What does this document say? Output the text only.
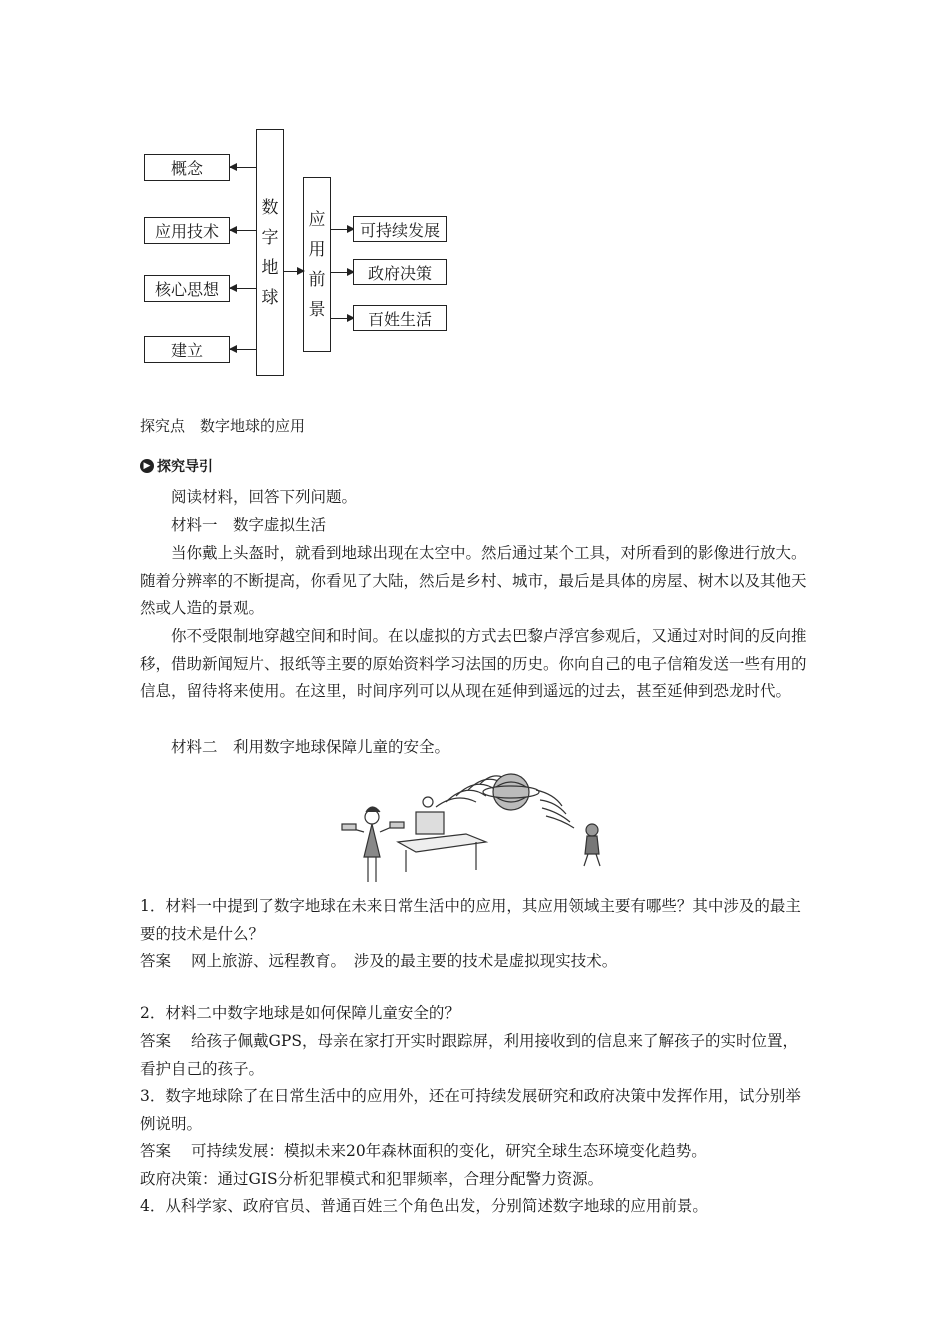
概念
应用技术
核心思想
建立
数字地球
应用前景
可持续发展
政府决策
百姓生活
探究点　数字地球的应用
▶ 探究导引
阅读材料，回答下列问题。
材料一　数字虚拟生活
当你戴上头盔时，就看到地球出现在太空中。然后通过某个工具，对所看到的影像进行放大。随着分辨率的不断提高，你看见了大陆，然后是乡村、城市，最后是具体的房屋、树木以及其他天然或人造的景观。
你不受限制地穿越空间和时间。在以虚拟的方式去巴黎卢浮宫参观后，又通过对时间的反向推移，借助新闻短片、报纸等主要的原始资料学习法国的历史。你向自己的电子信箱发送一些有用的信息，留待将来使用。在这里，时间序列可以从现在延伸到遥远的过去，甚至延伸到恐龙时代。
材料二　利用数字地球保障儿童的安全。
1．材料一中提到了数字地球在未来日常生活中的应用，其应用领域主要有哪些？其中涉及的最主要的技术是什么？
答案 网上旅游、远程教育。　涉及的最主要的技术是虚拟现实技术。
2．材料二中数字地球是如何保障儿童安全的？
答案 给孩子佩戴GPS，母亲在家打开实时跟踪屏，利用接收到的信息来了解孩子的实时位置，看护自己的孩子。
3．数字地球除了在日常生活中的应用外，还在可持续发展研究和政府决策中发挥作用，试分别举例说明。
答案 可持续发展：模拟未来20年森林面积的变化，研究全球生态环境变化趋势。
政府决策：通过GIS分析犯罪模式和犯罪频率，合理分配警力资源。
4．从科学家、政府官员、普通百姓三个角色出发，分别简述数字地球的应用前景。
